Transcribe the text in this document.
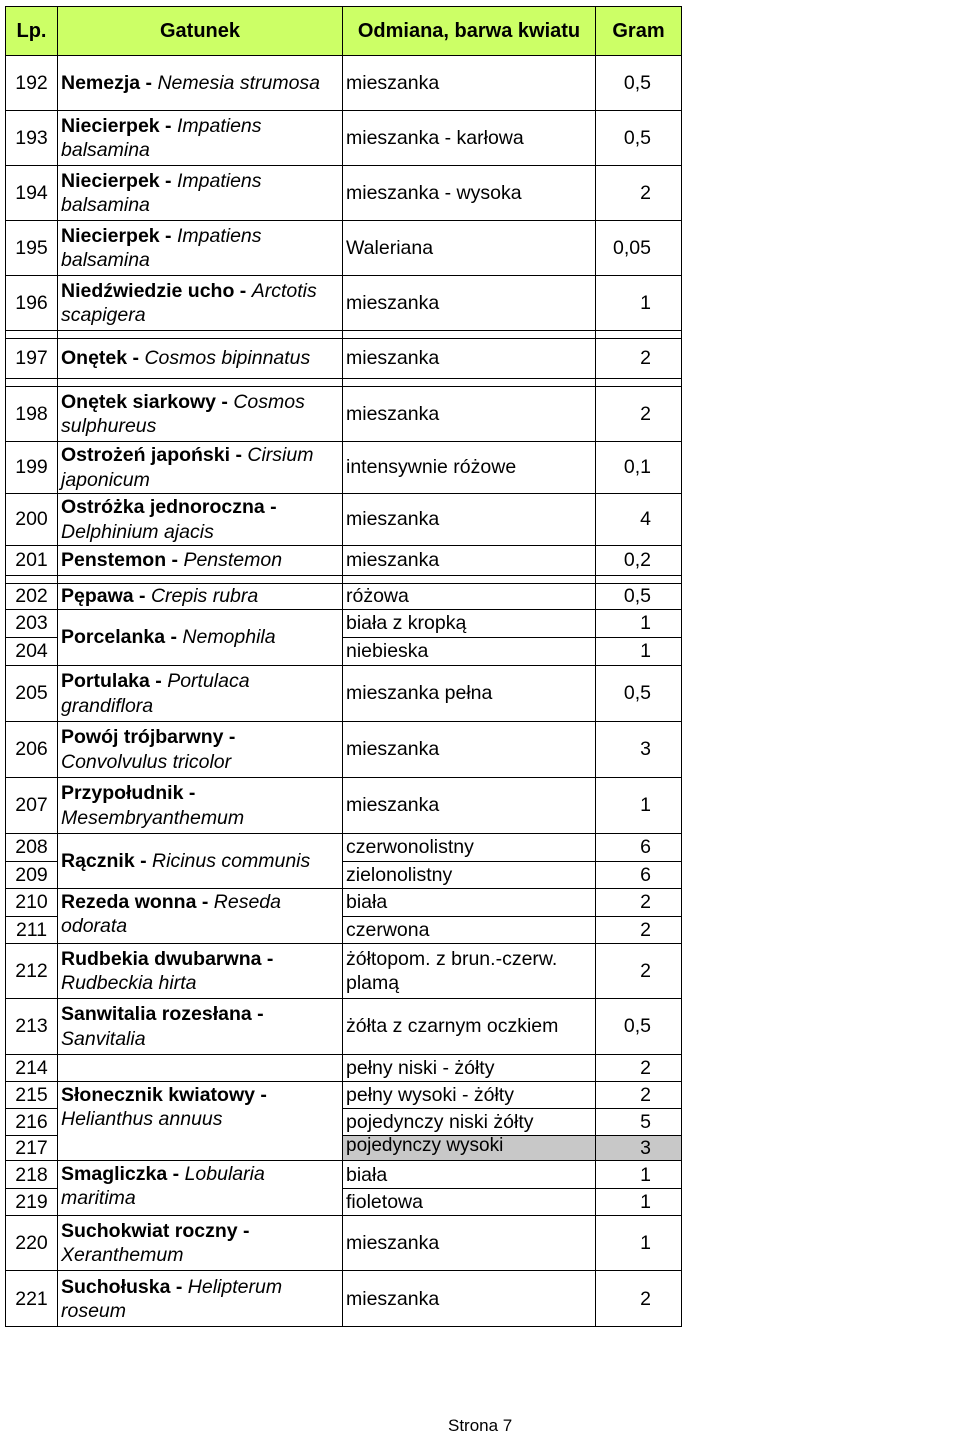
Lp.	Gatunek	Odmiana, barwa kwiatu	Gram
192	Nemezja - Nemesia strumosa	mieszanka	0,5
193	Niecierpek - Impatiens balsamina	mieszanka - karłowa	0,5
194	Niecierpek - Impatiens balsamina	mieszanka - wysoka	2
195	Niecierpek - Impatiens balsamina	Waleriana	0,05
196	Niedźwiedzie ucho - Arctotis scapigera	mieszanka	1

197	Onętek - Cosmos bipinnatus	mieszanka	2

198	Onętek siarkowy - Cosmos sulphureus	mieszanka	2
199	Ostrożeń japoński - Cirsium japonicum	intensywnie różowe	0,1
200	Ostróżka jednoroczna - Delphinium ajacis	mieszanka	4
201	Penstemon - Penstemon	mieszanka	0,2

202	Pępawa - Crepis rubra	różowa	0,5
203	Porcelanka - Nemophila	biała z kropką	1
204		niebieska	1
205	Portulaka - Portulaca grandiflora	mieszanka pełna	0,5
206	Powój trójbarwny - Convolvulus tricolor	mieszanka	3
207	Przypołudnik - Mesembryanthemum	mieszanka	1
208	Rącznik - Ricinus communis	czerwonolistny	6
209		zielonolistny	6
210	Rezeda wonna - Reseda odorata	biała	2
211		czerwona	2
212	Rudbekia dwubarwna - Rudbeckia hirta	żółtopom. z brun.-czerw. plamą	2
213	Sanwitalia rozesłana - Sanvitalia	żółta z czarnym oczkiem	0,5
214		pełny niski - żółty	2
215	Słonecznik kwiatowy - Helianthus annuus	pełny wysoki - żółty	2
216		pojedynczy niski żółty	5
217		pojedynczy wysoki	3
218	Smagliczka - Lobularia maritima	biała	1
219		fioletowa	1
220	Suchokwiat roczny - Xeranthemum	mieszanka	1
221	Suchołuska - Helipterum roseum	mieszanka	2
Strona 7
